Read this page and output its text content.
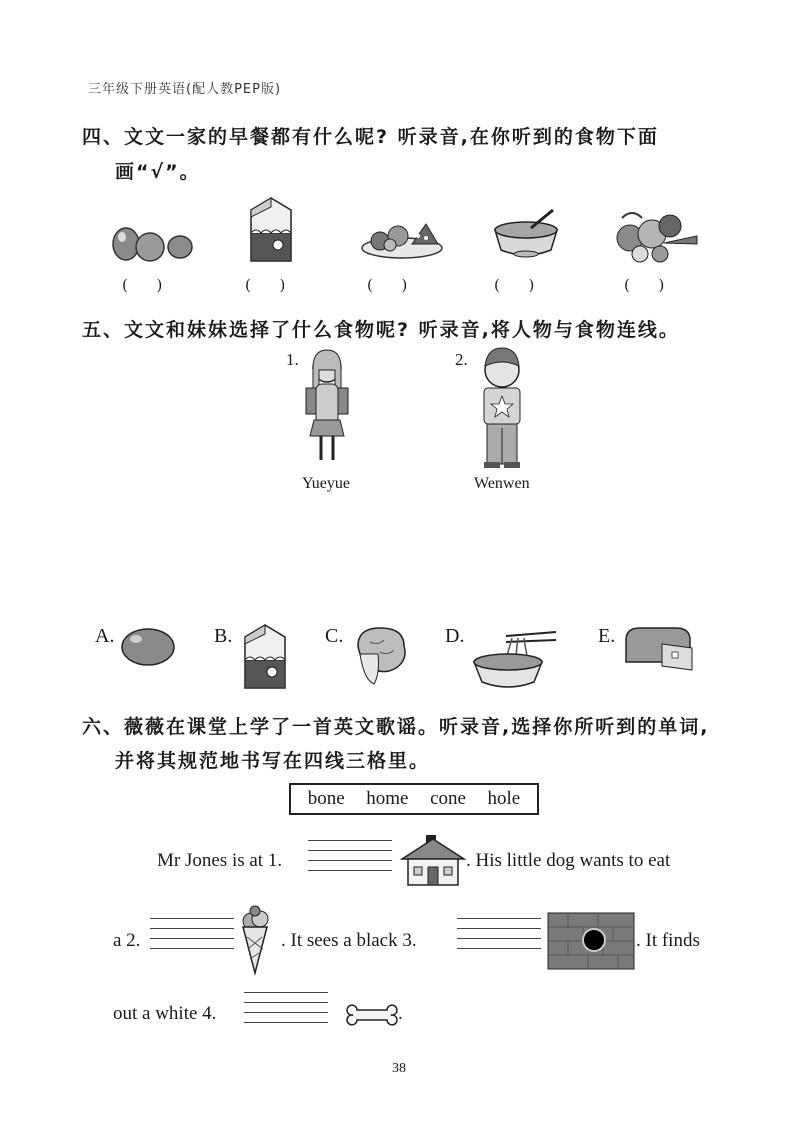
三年级下册英语(配人教PEP版)
四、文文一家的早餐都有什么呢? 听录音,在你听到的食物下面
画“√”。
(      )	(      )	(      )	(      )	(      )
五、文文和妹妹选择了什么食物呢? 听录音,将人物与食物连线。
1.
Yueyue
2.
Wenwen
A.	B.	C.	D.	E.
六、薇薇在课堂上学了一首英文歌谣。听录音,选择你所听到的单词,
并将其规范地书写在四线三格里。
bone home cone hole
Mr Jones is at 1.	. His little dog wants to eat
a 2.	. It sees a black 3.	. It finds
out a white 4.	.
38
